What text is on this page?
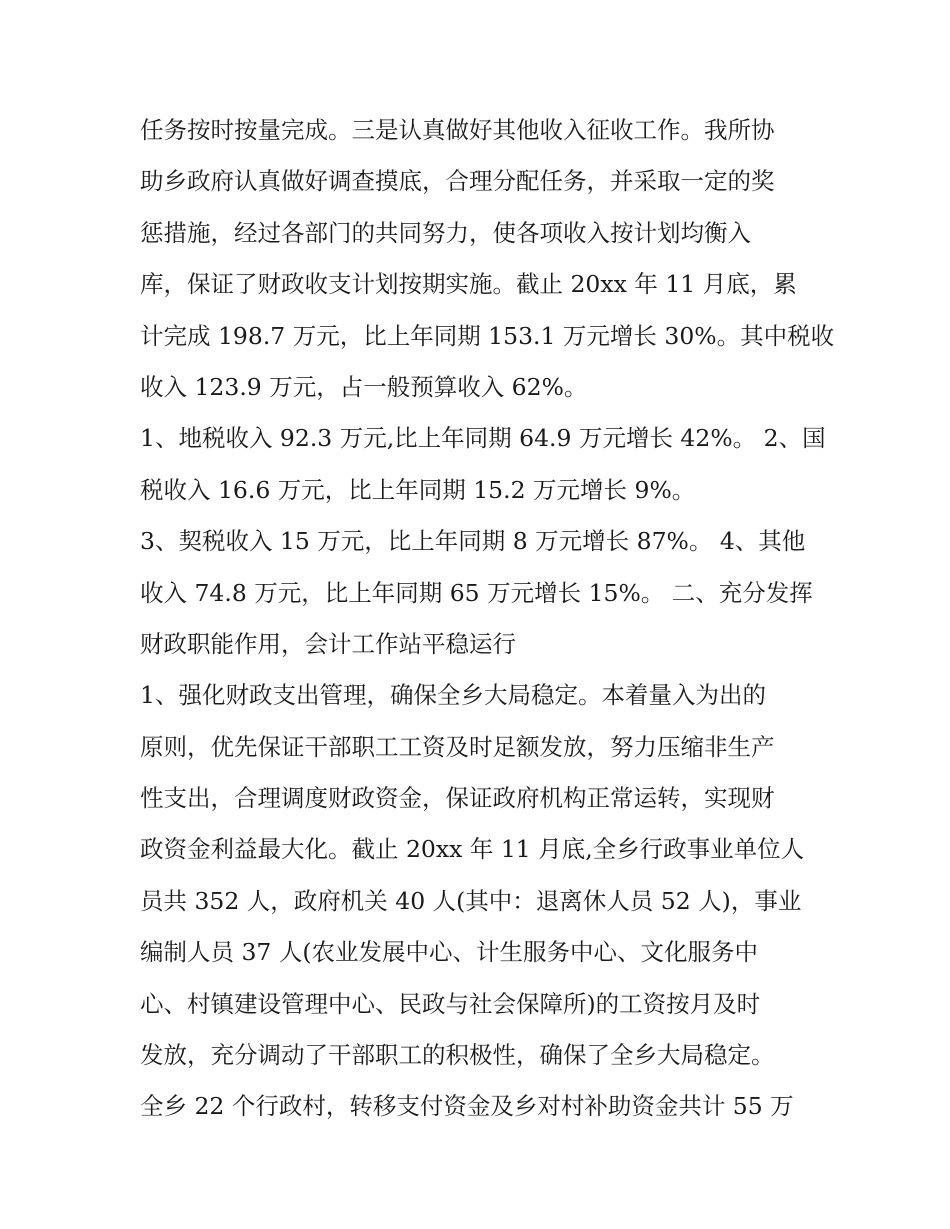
任务按时按量完成。三是认真做好其他收入征收工作。我所协
助乡政府认真做好调查摸底，合理分配任务，并采取一定的奖
惩措施，经过各部门的共同努力，使各项收入按计划均衡入
库，保证了财政收支计划按期实施。截止 20xx 年 11 月底，累
计完成 198.7 万元，比上年同期 153.1 万元增长 30%。其中税收
收入 123.9 万元，占一般预算收入 62%。
1、地税收入 92.3 万元,比上年同期 64.9 万元增长 42%。 2、国
税收入 16.6 万元，比上年同期 15.2 万元增长 9%。
3、契税收入 15 万元，比上年同期 8 万元增长 87%。 4、其他
收入 74.8 万元，比上年同期 65 万元增长 15%。 二、充分发挥
财政职能作用，会计工作站平稳运行
1、强化财政支出管理，确保全乡大局稳定。本着量入为出的
原则，优先保证干部职工工资及时足额发放，努力压缩非生产
性支出，合理调度财政资金，保证政府机构正常运转，实现财
政资金利益最大化。截止 20xx 年 11 月底,全乡行政事业单位人
员共 352 人，政府机关 40 人(其中：退离休人员 52 人)，事业
编制人员 37 人(农业发展中心、计生服务中心、文化服务中
心、村镇建设管理中心、民政与社会保障所)的工资按月及时
发放，充分调动了干部职工的积极性，确保了全乡大局稳定。
全乡 22 个行政村，转移支付资金及乡对村补助资金共计 55 万
